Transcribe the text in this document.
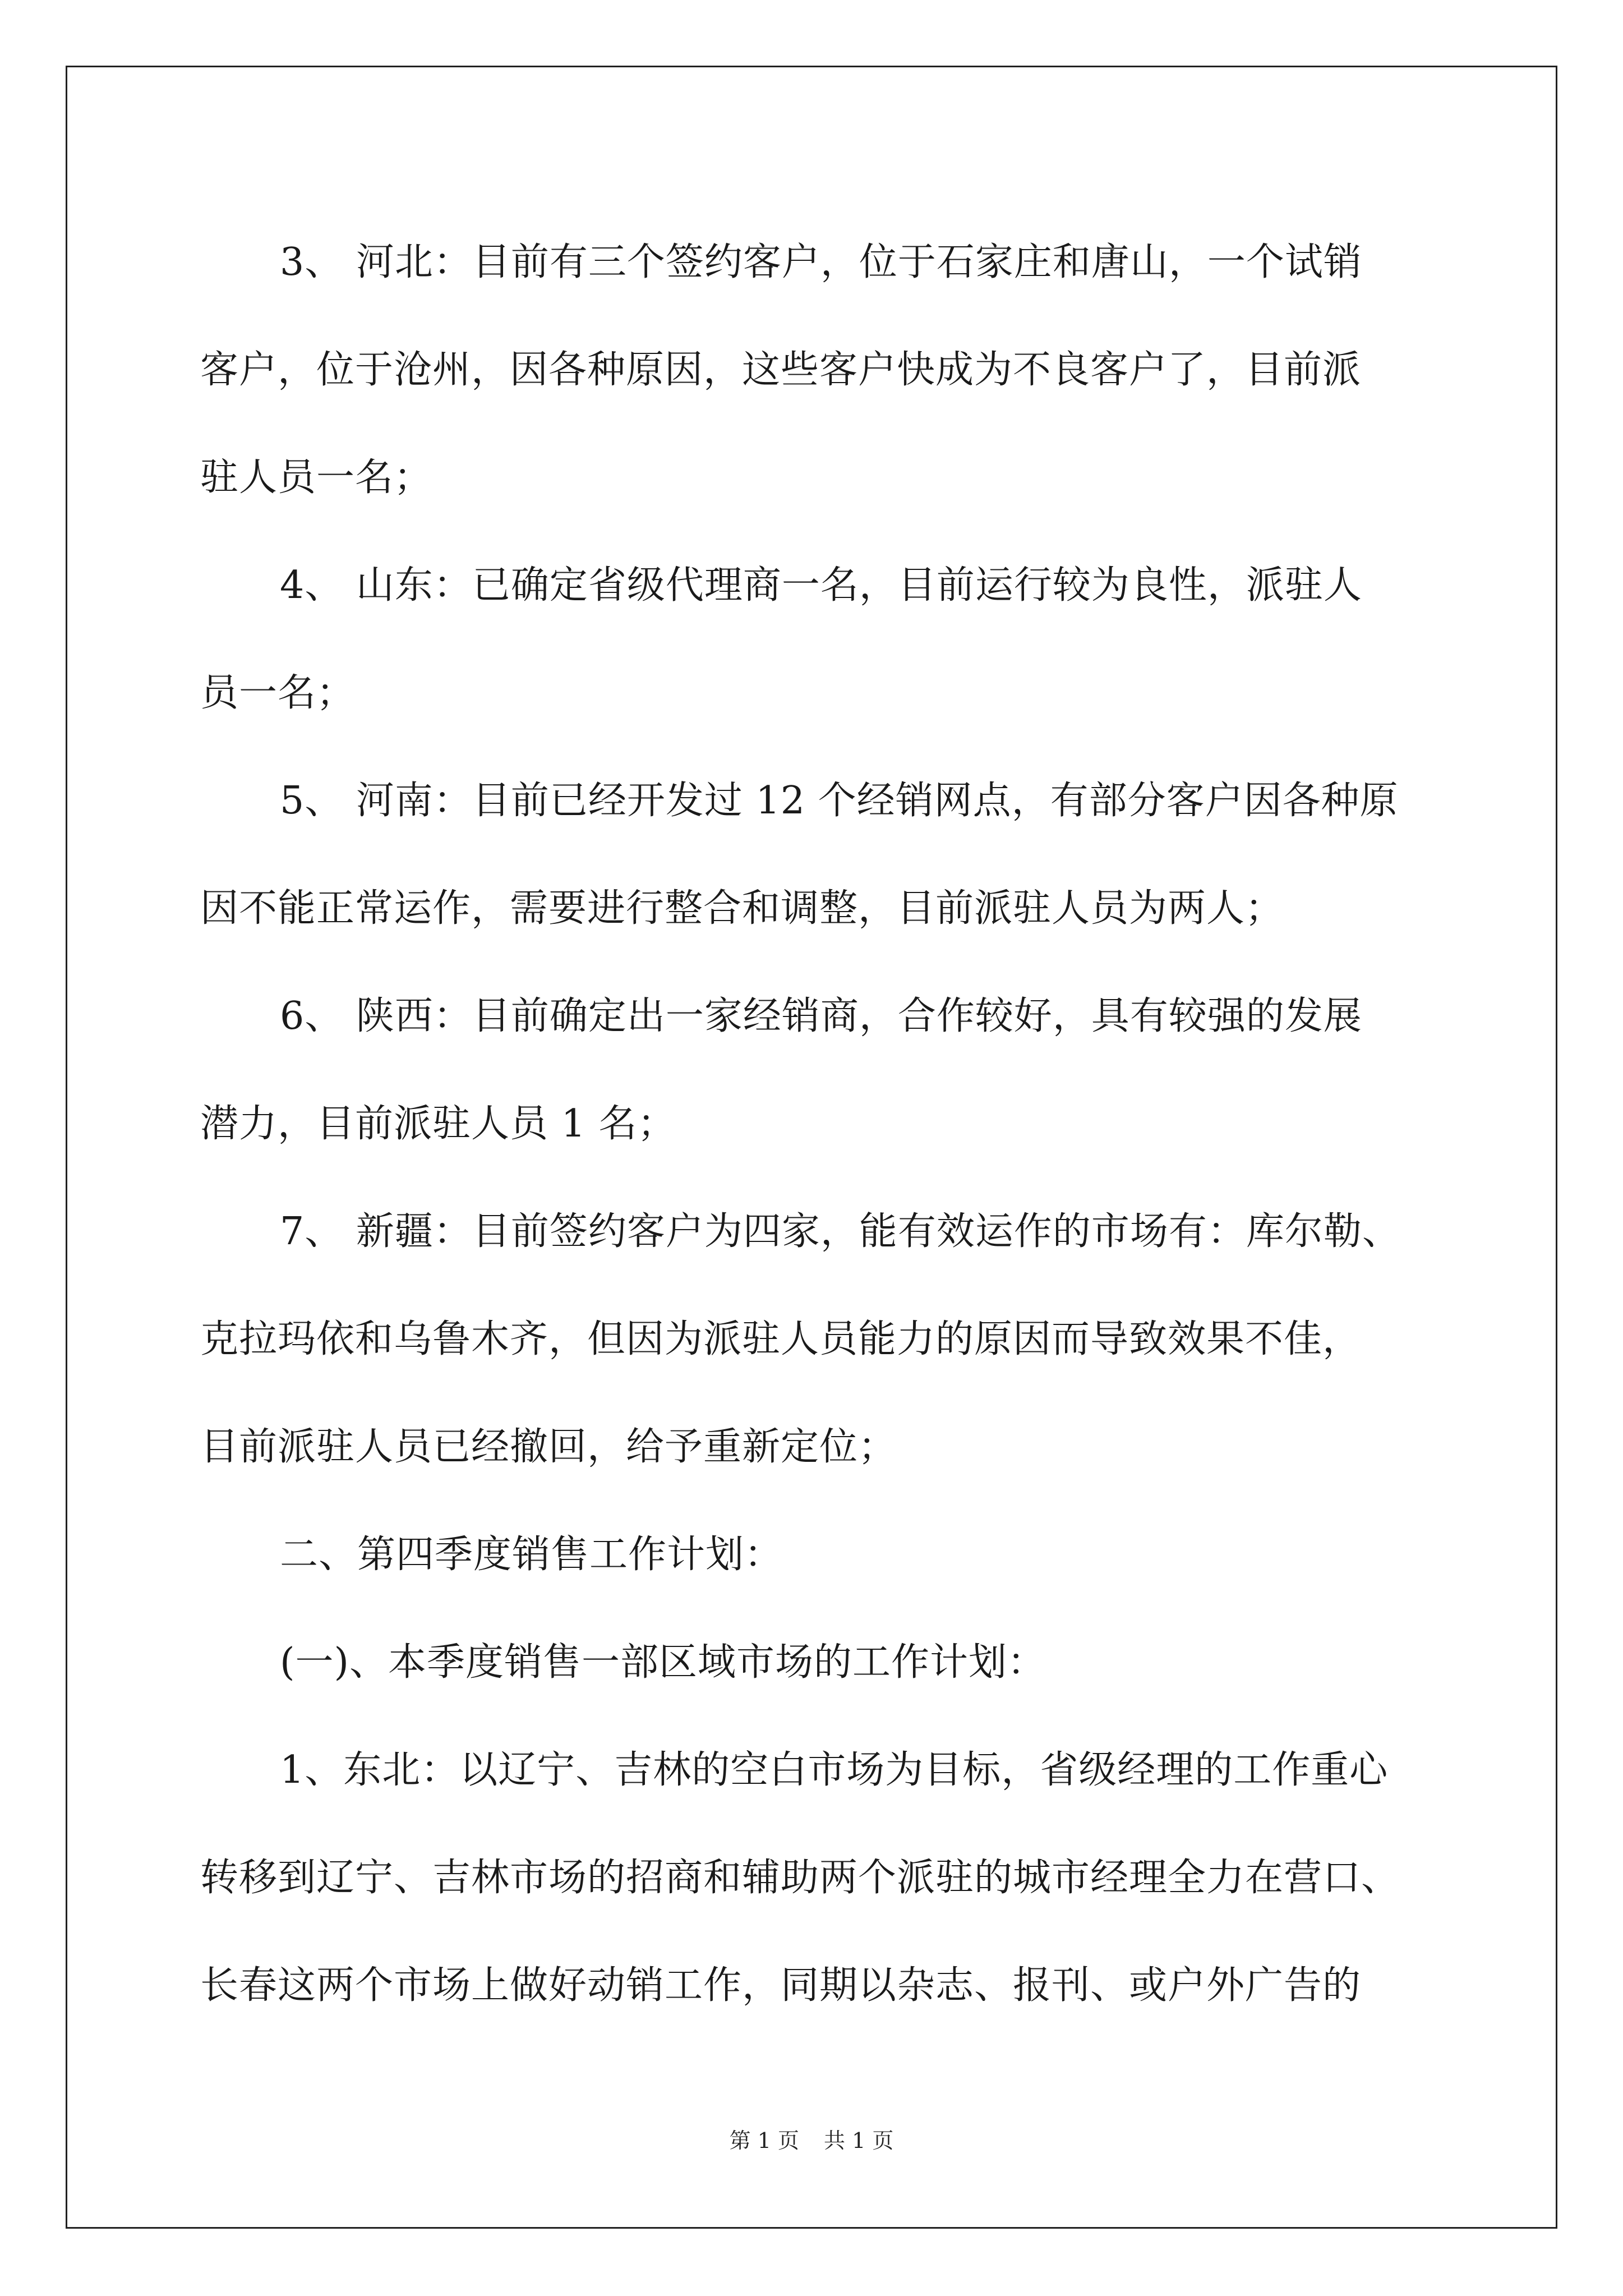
3、 河北：目前有三个签约客户，位于石家庄和唐山，一个试销
客户，位于沧州，因各种原因，这些客户快成为不良客户了，目前派
驻人员一名；
4、 山东：已确定省级代理商一名，目前运行较为良性，派驻人
员一名；
5、 河南：目前已经开发过 12 个经销网点，有部分客户因各种原
因不能正常运作，需要进行整合和调整，目前派驻人员为两人；
6、 陕西：目前确定出一家经销商，合作较好，具有较强的发展
潜力，目前派驻人员 1 名；
7、 新疆：目前签约客户为四家，能有效运作的市场有：库尔勒、
克拉玛依和乌鲁木齐，但因为派驻人员能力的原因而导致效果不佳，
目前派驻人员已经撤回，给予重新定位；
二、第四季度销售工作计划：
(一)、本季度销售一部区域市场的工作计划：
1、东北：以辽宁、吉林的空白市场为目标，省级经理的工作重心
转移到辽宁、吉林市场的招商和辅助两个派驻的城市经理全力在营口、
长春这两个市场上做好动销工作，同期以杂志、报刊、或户外广告的
第 1 页 共 1 页
